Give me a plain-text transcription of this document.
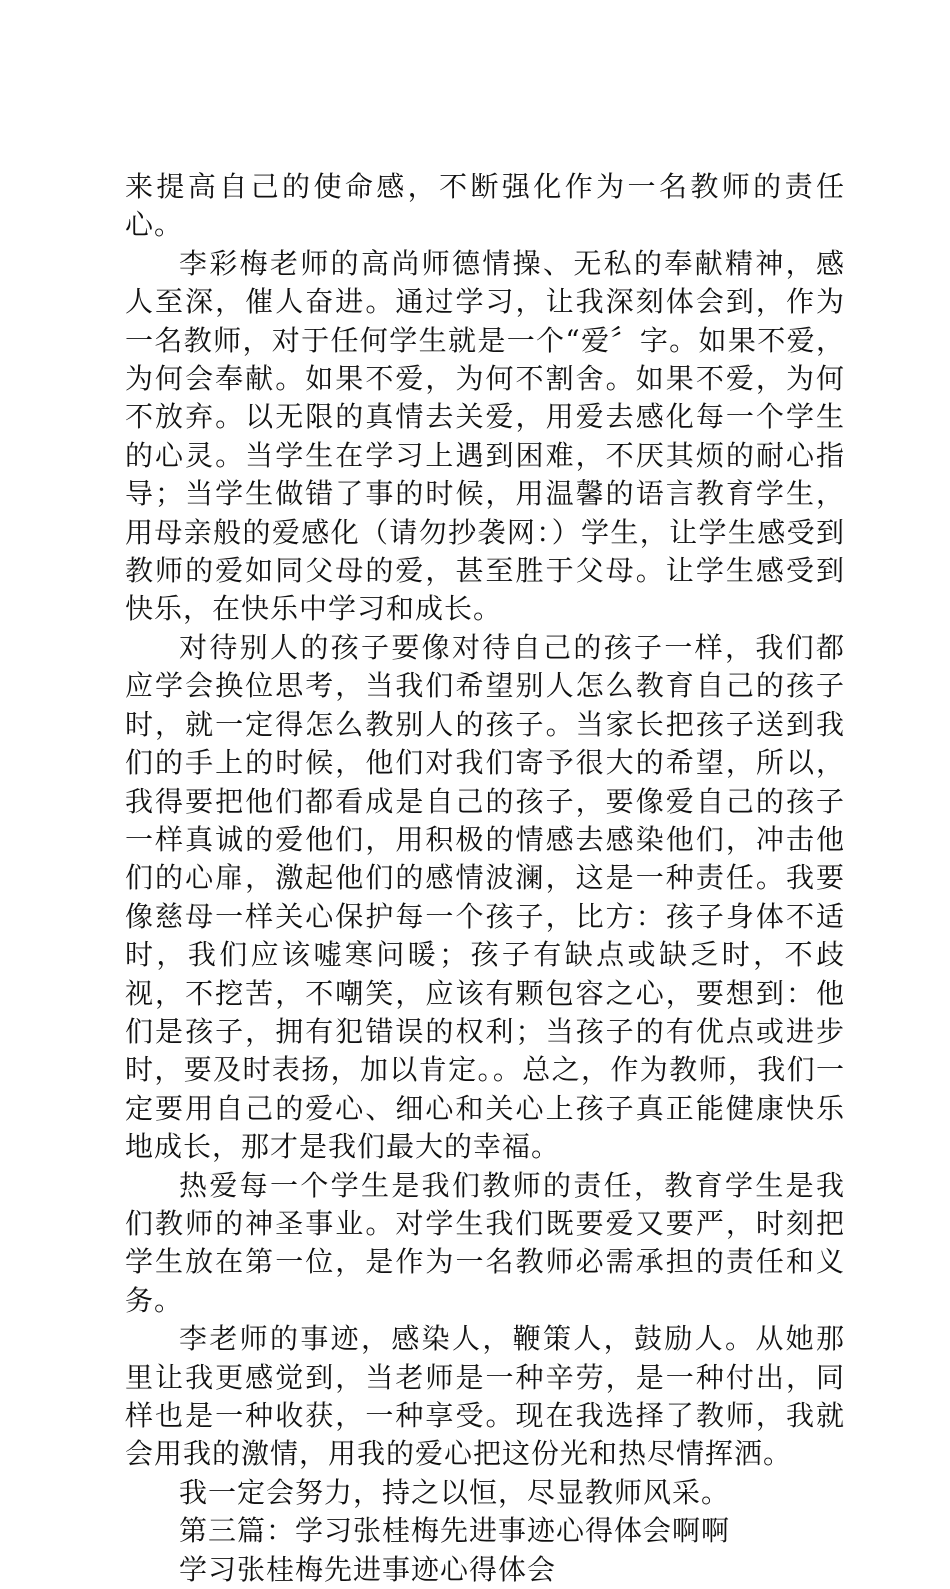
来提高自己的使命感，不断强化作为一名教师的责任心。

李彩梅老师的高尚师德情操、无私的奉献精神，感人至深，催人奋进。通过学习，让我深刻体会到，作为一名教师，对于任何学生就是一个“爱〞字。如果不爱，为何会奉献。如果不爱，为何不割舍。如果不爱，为何不放弃。以无限的真情去关爱，用爱去感化每一个学生的心灵。当学生在学习上遇到困难，不厌其烦的耐心指导；当学生做错了事的时候，用温馨的语言教育学生，用母亲般的爱感化（请勿抄袭网：）学生，让学生感受到教师的爱如同父母的爱，甚至胜于父母。让学生感受到快乐，在快乐中学习和成长。

对待别人的孩子要像对待自己的孩子一样，我们都应学会换位思考，当我们希望别人怎么教育自己的孩子时，就一定得怎么教别人的孩子。当家长把孩子送到我们的手上的时候，他们对我们寄予很大的希望，所以，我得要把他们都看成是自己的孩子，要像爱自己的孩子一样真诚的爱他们，用积极的情感去感染他们，冲击他们的心扉，激起他们的感情波澜，这是一种责任。我要像慈母一样关心保护每一个孩子，比方：孩子身体不适时，我们应该嘘寒问暖；孩子有缺点或缺乏时，不歧视，不挖苦，不嘲笑，应该有颗包容之心，要想到：他们是孩子，拥有犯错误的权利；当孩子的有优点或进步时，要及时表扬，加以肯定。。总之，作为教师，我们一定要用自己的爱心、细心和关心上孩子真正能健康快乐地成长，那才是我们最大的幸福。

热爱每一个学生是我们教师的责任，教育学生是我们教师的神圣事业。对学生我们既要爱又要严，时刻把学生放在第一位，是作为一名教师必需承担的责任和义务。

李老师的事迹，感染人，鞭策人，鼓励人。从她那里让我更感觉到，当老师是一种辛劳，是一种付出，同样也是一种收获，一种享受。现在我选择了教师，我就会用我的激情，用我的爱心把这份光和热尽情挥洒。

我一定会努力，持之以恒，尽显教师风采。

第三篇：学习张桂梅先进事迹心得体会啊啊

学习张桂梅先进事迹心得体会
